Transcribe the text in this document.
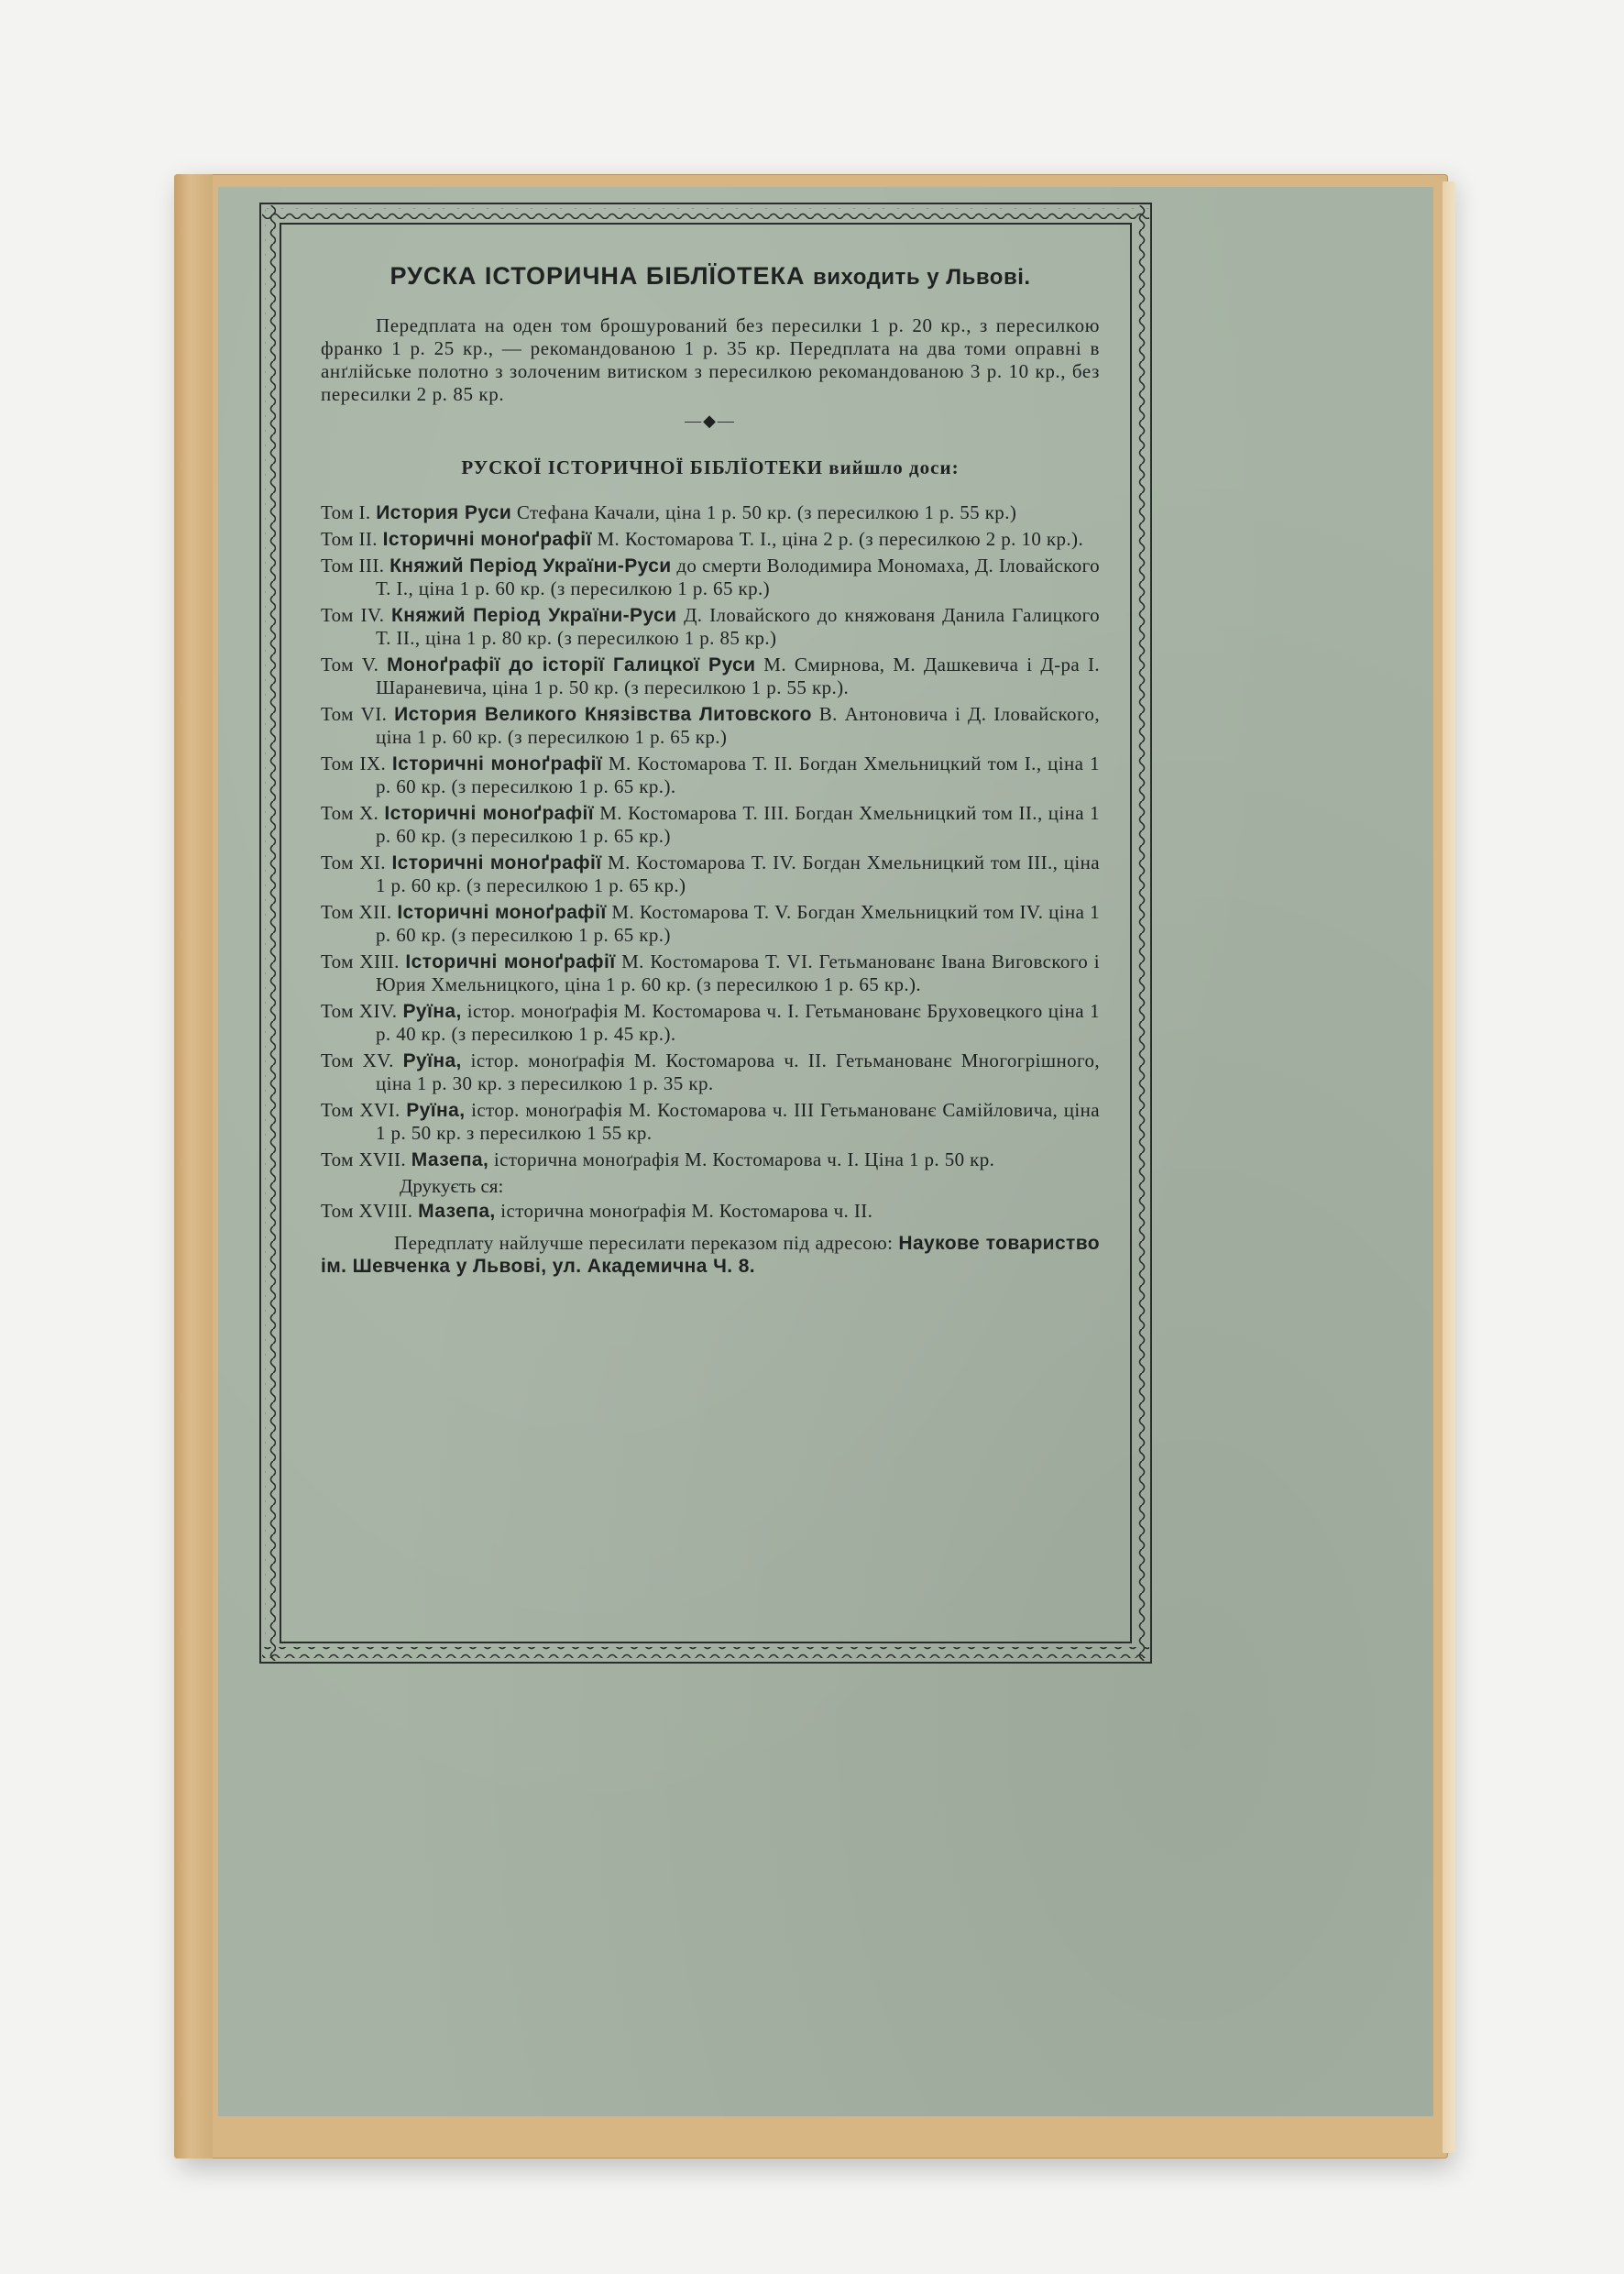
РУСКА ІСТОРИЧНА БІБЛЇОТЕКА виходить у Львові.
Передплата на оден том брошурований без пересилки 1 р. 20 кр., з пересилкою франко 1 р. 25 кр., — рекомандованою 1 р. 35 кр. Передплата на два томи оправні в анґлійське полотно з золоченим витиском з пересилкою рекомандованою 3 р. 10 кр., без пересилки 2 р. 85 кр.
—◆—
РУСКОЇ ІСТОРИЧНОЇ БІБЛЇОТЕКИ вийшло доси:
Том I. История Руси Стефана Качали, ціна 1 р. 50 кр. (з пересилкою 1 р. 55 кр.)
Том II. Історичні моноґрафії М. Костомарова Т. I., ціна 2 р. (з пересилкою 2 р. 10 кр.).
Том III. Княжий Період України-Руси до смерти Володимира Мономаха, Д. Іловайского Т. I., ціна 1 р. 60 кр. (з пересилкою 1 р. 65 кр.)
Том IV. Княжий Період України-Руси Д. Іловайского до княжованя Данила Галицкого Т. II., ціна 1 р. 80 кр. (з пересилкою 1 р. 85 кр.)
Том V. Моноґрафії до історії Галицкої Руси М. Смирнова, М. Дашкевича і Д-ра І. Шараневича, ціна 1 р. 50 кр. (з пересилкою 1 р. 55 кр.).
Том VI. История Великого Князівства Литовского В. Антоновича і Д. Іловайского, ціна 1 р. 60 кр. (з пересилкою 1 р. 65 кр.)
Том IX. Історичні моноґрафії М. Костомарова Т. II. Богдан Хмельницкий том I., ціна 1 р. 60 кр. (з пересилкою 1 р. 65 кр.).
Том X. Історичні моноґрафії М. Костомарова Т. III. Богдан Хмельницкий том II., ціна 1 р. 60 кр. (з пересилкою 1 р. 65 кр.)
Том XI. Історичні моноґрафії М. Костомарова Т. IV. Богдан Хмельницкий том III., ціна 1 р. 60 кр. (з пересилкою 1 р. 65 кр.)
Том XII. Історичні моноґрафії М. Костомарова Т. V. Богдан Хмельницкий том IV. ціна 1 р. 60 кр. (з пересилкою 1 р. 65 кр.)
Том XIII. Історичні моноґрафії М. Костомарова Т. VI. Гетьманованє Івана Виговского і Юрия Хмельницкого, ціна 1 р. 60 кр. (з пересилкою 1 р. 65 кр.).
Том XIV. Руїна, істор. моноґрафія М. Костомарова ч. I. Гетьманованє Бруховецкого ціна 1 р. 40 кр. (з пересилкою 1 р. 45 кр.).
Том XV. Руїна, істор. моноґрафія М. Костомарова ч. II. Гетьманованє Многогрішного, ціна 1 р. 30 кр. з пересилкою 1 р. 35 кр.
Том XVI. Руїна, істор. моноґрафія М. Костомарова ч. III Гетьманованє Самійловича, ціна 1 р. 50 кр. з пересилкою 1 55 кр.
Том XVII. Мазепа, історична моноґрафія М. Костомарова ч. I. Ціна 1 р. 50 кр.
Друкуєть ся:
Том XVIII. Мазепа, історична моноґрафія М. Костомарова ч. II.
Передплату найлучше пересилати переказом під адресою: Наукове товариство ім. Шевченка у Львові, ул. Академична Ч. 8.
